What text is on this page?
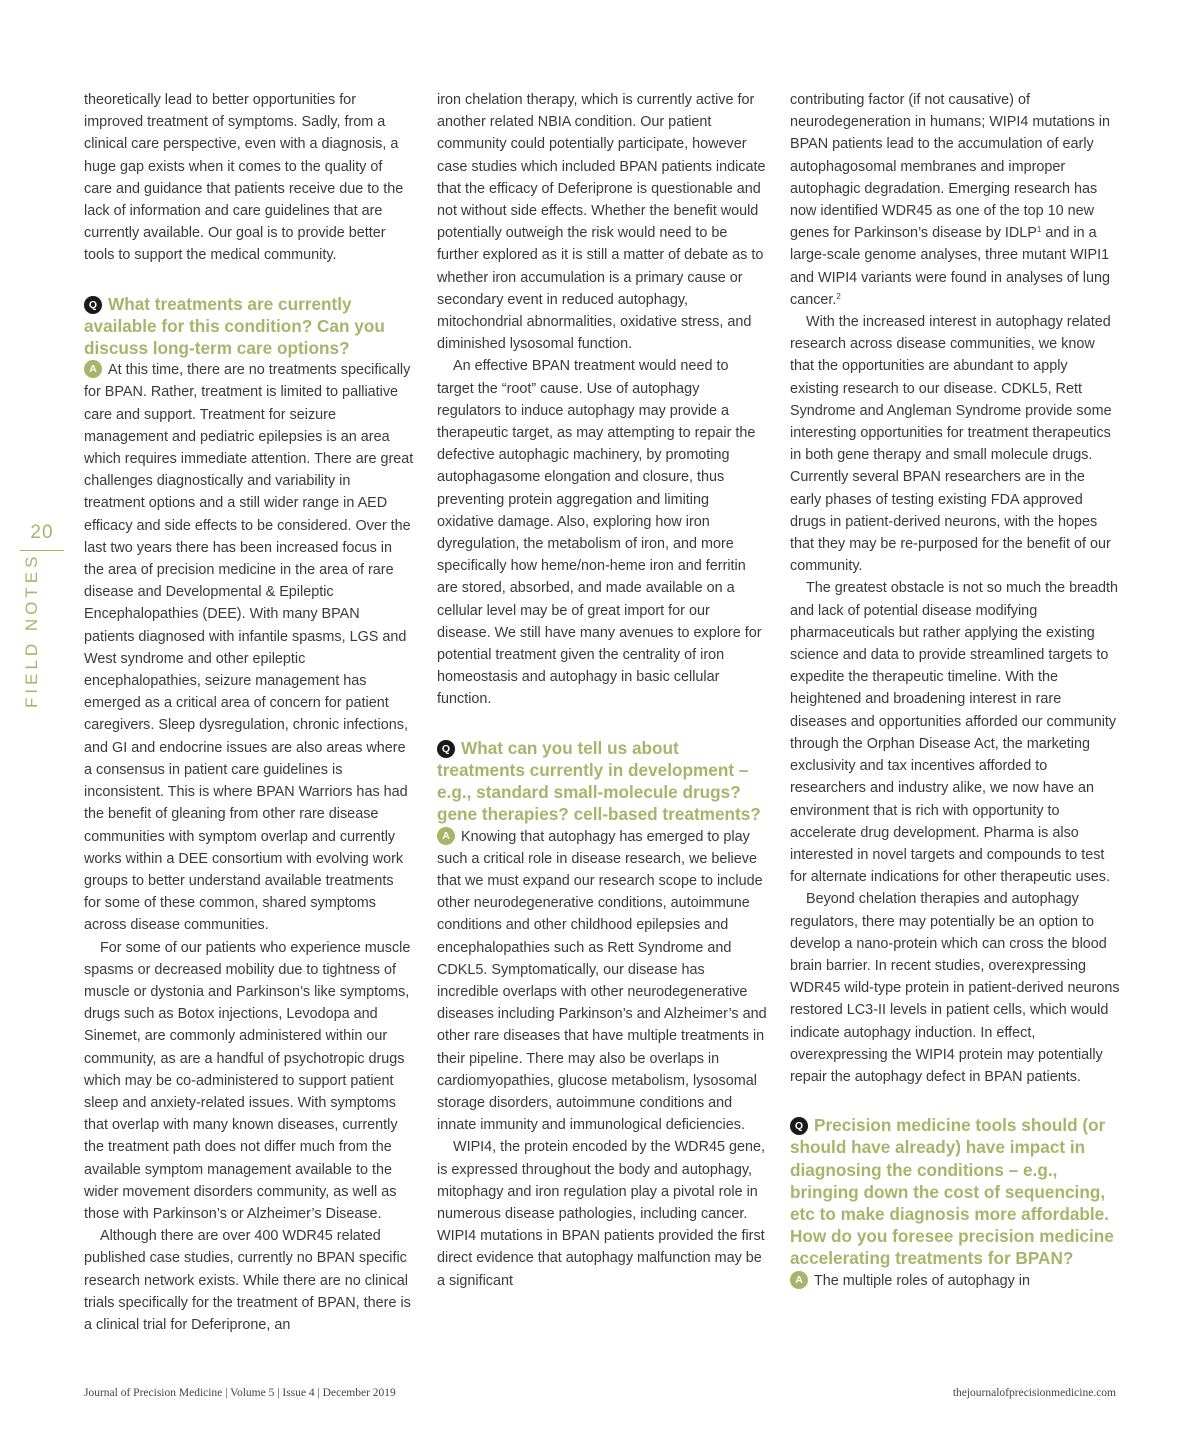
20
FIELD NOTES

theoretically lead to better opportunities for improved treatment of symptoms. Sadly, from a clinical care perspective, even with a diagnosis, a huge gap exists when it comes to the quality of care and guidance that patients receive due to the lack of information and care guidelines that are currently available. Our goal is to provide better tools to support the medical community.

Q What treatments are currently available for this condition? Can you discuss long-term care options?

A At this time, there are no treatments specifically for BPAN. Rather, treatment is limited to palliative care and support. Treatment for seizure management and pediatric epilepsies is an area which requires immediate attention. There are great challenges diagnostically and variability in treatment options and a still wider range in AED efficacy and side effects to be considered. Over the last two years there has been increased focus in the area of precision medicine in the area of rare disease and Developmental & Epileptic Encephalopathies (DEE). With many BPAN patients diagnosed with infantile spasms, LGS and West syndrome and other epileptic encephalopathies, seizure management has emerged as a critical area of concern for patient caregivers. Sleep dysregulation, chronic infections, and GI and endocrine issues are also areas where a consensus in patient care guidelines is inconsistent. This is where BPAN Warriors has had the benefit of gleaning from other rare disease communities with symptom overlap and currently works within a DEE consortium with evolving work groups to better understand available treatments for some of these common, shared symptoms across disease communities.

For some of our patients who experience muscle spasms or decreased mobility due to tightness of muscle or dystonia and Parkinson’s like symptoms, drugs such as Botox injections, Levodopa and Sinemet, are commonly administered within our community, as are a handful of psychotropic drugs which may be co-administered to support patient sleep and anxiety-related issues. With symptoms that overlap with many known diseases, currently the treatment path does not differ much from the available symptom management available to the wider movement disorders community, as well as those with Parkinson’s or Alzheimer’s Disease.

Although there are over 400 WDR45 related published case studies, currently no BPAN specific research network exists. While there are no clinical trials specifically for the treatment of BPAN, there is a clinical trial for Deferiprone, an

iron chelation therapy, which is currently active for another related NBIA condition. Our patient community could potentially participate, however case studies which included BPAN patients indicate that the efficacy of Deferiprone is questionable and not without side effects. Whether the benefit would potentially outweigh the risk would need to be further explored as it is still a matter of debate as to whether iron accumulation is a primary cause or secondary event in reduced autophagy, mitochondrial abnormalities, oxidative stress, and diminished lysosomal function.

An effective BPAN treatment would need to target the “root” cause. Use of autophagy regulators to induce autophagy may provide a therapeutic target, as may attempting to repair the defective autophagic machinery, by promoting autophagasome elongation and closure, thus preventing protein aggregation and limiting oxidative damage. Also, exploring how iron dyregulation, the metabolism of iron, and more specifically how heme/non-heme iron and ferritin are stored, absorbed, and made available on a cellular level may be of great import for our disease. We still have many avenues to explore for potential treatment given the centrality of iron homeostasis and autophagy in basic cellular function.

Q What can you tell us about treatments currently in development – e.g., standard small-molecule drugs? gene therapies? cell-based treatments?

A Knowing that autophagy has emerged to play such a critical role in disease research, we believe that we must expand our research scope to include other neurodegenerative conditions, autoimmune conditions and other childhood epilepsies and encephalopathies such as Rett Syndrome and CDKL5. Symptomatically, our disease has incredible overlaps with other neurodegenerative diseases including Parkinson’s and Alzheimer’s and other rare diseases that have multiple treatments in their pipeline. There may also be overlaps in cardiomyopathies, glucose metabolism, lysosomal storage disorders, autoimmune conditions and innate immunity and immunological deficiencies.

WIPI4, the protein encoded by the WDR45 gene, is expressed throughout the body and autophagy, mitophagy and iron regulation play a pivotal role in numerous disease pathologies, including cancer. WIPI4 mutations in BPAN patients provided the first direct evidence that autophagy malfunction may be a significant

contributing factor (if not causative) of neurodegeneration in humans; WIPI4 mutations in BPAN patients lead to the accumulation of early autophagosomal membranes and improper autophagic degradation. Emerging research has now identified WDR45 as one of the top 10 new genes for Parkinson’s disease by IDLP$^1$ and in a large-scale genome analyses, three mutant WIPI1 and WIPI4 variants were found in analyses of lung cancer.$^2$

With the increased interest in autophagy related research across disease communities, we know that the opportunities are abundant to apply existing research to our disease. CDKL5, Rett Syndrome and Angleman Syndrome provide some interesting opportunities for treatment therapeutics in both gene therapy and small molecule drugs. Currently several BPAN researchers are in the early phases of testing existing FDA approved drugs in patient-derived neurons, with the hopes that they may be re-purposed for the benefit of our community.

The greatest obstacle is not so much the breadth and lack of potential disease modifying pharmaceuticals but rather applying the existing science and data to provide streamlined targets to expedite the therapeutic timeline. With the heightened and broadening interest in rare diseases and opportunities afforded our community through the Orphan Disease Act, the marketing exclusivity and tax incentives afforded to researchers and industry alike, we now have an environment that is rich with opportunity to accelerate drug development. Pharma is also interested in novel targets and compounds to test for alternate indications for other therapeutic uses.

Beyond chelation therapies and autophagy regulators, there may potentially be an option to develop a nano-protein which can cross the blood brain barrier. In recent studies, overexpressing WDR45 wild-type protein in patient-derived neurons restored LC3-II levels in patient cells, which would indicate autophagy induction. In effect, overexpressing the WIPI4 protein may potentially repair the autophagy defect in BPAN patients.

Q Precision medicine tools should (or should have already) have impact in diagnosing the conditions – e.g., bringing down the cost of sequencing, etc to make diagnosis more affordable. How do you foresee precision medicine accelerating treatments for BPAN?

A The multiple roles of autophagy in

Journal of Precision Medicine | Volume 5 | Issue 4 | December 2019	thejournalofprecisionmedicine.com
